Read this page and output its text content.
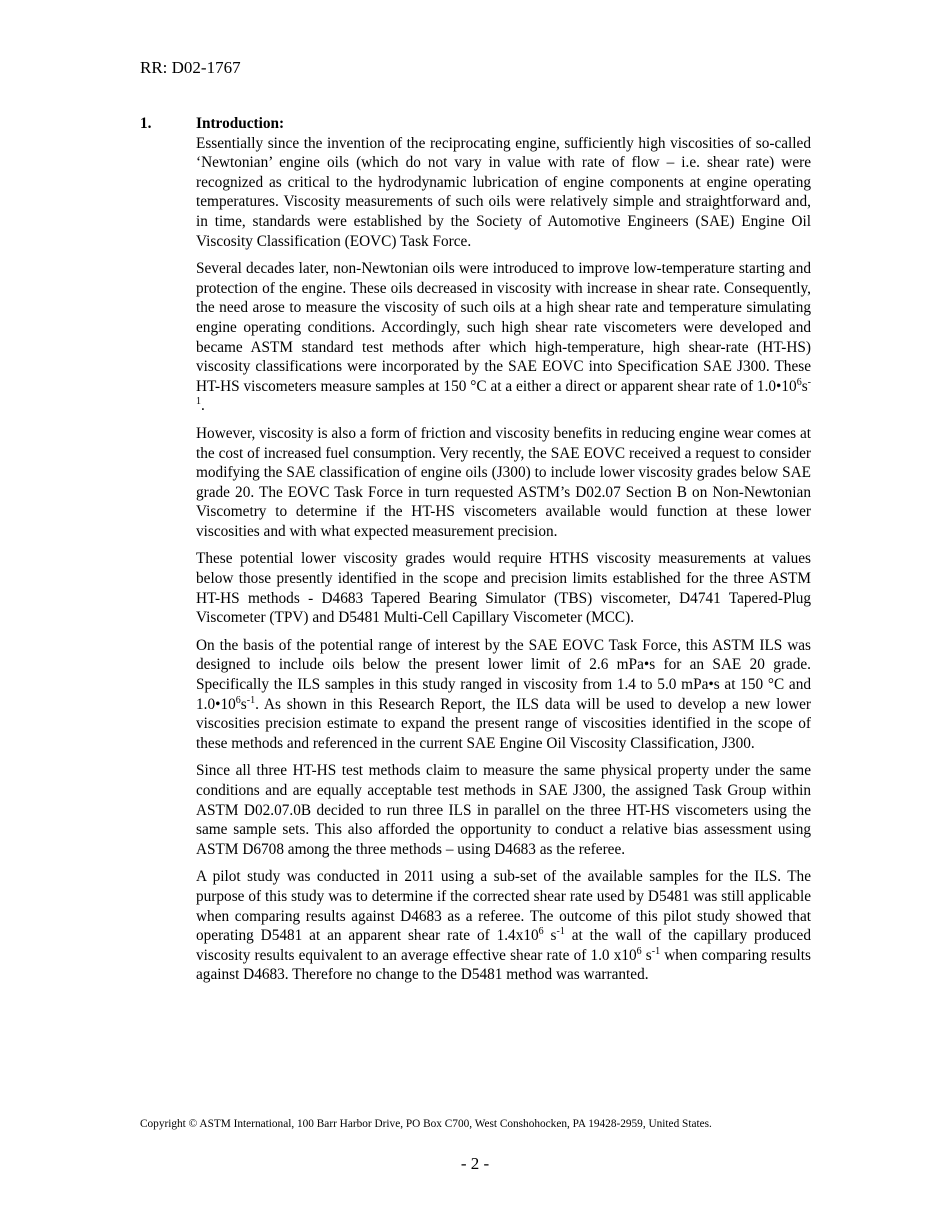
RR: D02-1767
1.	Introduction:

Essentially since the invention of the reciprocating engine, sufficiently high viscosities of so-called ‘Newtonian’ engine oils (which do not vary in value with rate of flow – i.e. shear rate) were recognized as critical to the hydrodynamic lubrication of engine components at engine operating temperatures. Viscosity measurements of such oils were relatively simple and straightforward and, in time, standards were established by the Society of Automotive Engineers (SAE) Engine Oil Viscosity Classification (EOVC) Task Force.

Several decades later, non-Newtonian oils were introduced to improve low-temperature starting and protection of the engine. These oils decreased in viscosity with increase in shear rate. Consequently, the need arose to measure the viscosity of such oils at a high shear rate and temperature simulating engine operating conditions. Accordingly, such high shear rate viscometers were developed and became ASTM standard test methods after which high-temperature, high shear-rate (HT-HS) viscosity classifications were incorporated by the SAE EOVC into Specification SAE J300. These HT-HS viscometers measure samples at 150 °C at a either a direct or apparent shear rate of $1.0•10^6s^{-1}$.

However, viscosity is also a form of friction and viscosity benefits in reducing engine wear comes at the cost of increased fuel consumption. Very recently, the SAE EOVC received a request to consider modifying the SAE classification of engine oils (J300) to include lower viscosity grades below SAE grade 20. The EOVC Task Force in turn requested ASTM’s D02.07 Section B on Non-Newtonian Viscometry to determine if the HT-HS viscometers available would function at these lower viscosities and with what expected measurement precision.

These potential lower viscosity grades would require HTHS viscosity measurements at values below those presently identified in the scope and precision limits established for the three ASTM HT-HS methods - D4683 Tapered Bearing Simulator (TBS) viscometer, D4741 Tapered-Plug Viscometer (TPV) and D5481 Multi-Cell Capillary Viscometer (MCC).

On the basis of the potential range of interest by the SAE EOVC Task Force, this ASTM ILS was designed to include oils below the present lower limit of 2.6 mPa•s for an SAE 20 grade. Specifically the ILS samples in this study ranged in viscosity from 1.4 to 5.0 mPa•s at 150 °C and $1.0•10^6s^{-1}$. As shown in this Research Report, the ILS data will be used to develop a new lower viscosities precision estimate to expand the present range of viscosities identified in the scope of these methods and referenced in the current SAE Engine Oil Viscosity Classification, J300.

Since all three HT-HS test methods claim to measure the same physical property under the same conditions and are equally acceptable test methods in SAE J300, the assigned Task Group within ASTM D02.07.0B decided to run three ILS in parallel on the three HT-HS viscometers using the same sample sets. This also afforded the opportunity to conduct a relative bias assessment using ASTM D6708 among the three methods – using D4683 as the referee.

A pilot study was conducted in 2011 using a sub-set of the available samples for the ILS. The purpose of this study was to determine if the corrected shear rate used by D5481 was still applicable when comparing results against D4683 as a referee. The outcome of this pilot study showed that operating D5481 at an apparent shear rate of $1.4x10^6$ $s^{-1}$ at the wall of the capillary produced viscosity results equivalent to an average effective shear rate of 1.0 $x10^6$ $s^{-1}$ when comparing results against D4683. Therefore no change to the D5481 method was warranted.

Copyright © ASTM International, 100 Barr Harbor Drive, PO Box C700, West Conshohocken, PA 19428-2959, United States.
- 2 -
